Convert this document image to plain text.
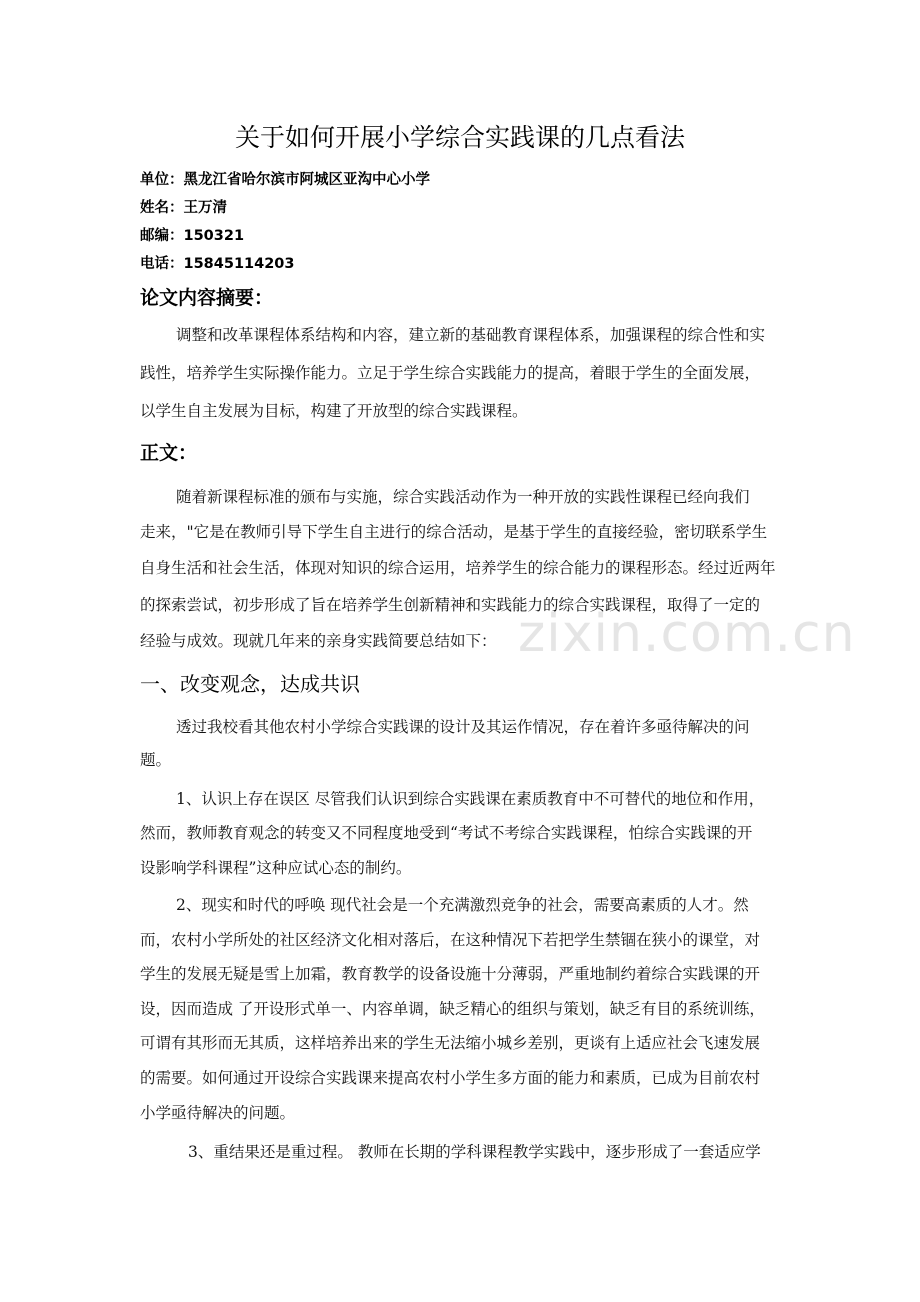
关于如何开展小学综合实践课的几点看法
单位：黑龙江省哈尔滨市阿城区亚沟中心小学
姓名：王万清
邮编：150321
电话：15845114203
论文内容摘要：
调整和改革课程体系结构和内容，建立新的基础教育课程体系，加强课程的综合性和实
践性，培养学生实际操作能力。立足于学生综合实践能力的提高，着眼于学生的全面发展，
以学生自主发展为目标，构建了开放型的综合实践课程。
正文：
随着新课程标准的颁布与实施，综合实践活动作为一种开放的实践性课程已经向我们
走来，"它是在教师引导下学生自主进行的综合活动，是基于学生的直接经验，密切联系学生
自身生活和社会生活，体现对知识的综合运用，培养学生的综合能力的课程形态。经过近两年
的探索尝试，初步形成了旨在培养学生创新精神和实践能力的综合实践课程，取得了一定的
经验与成效。现就几年来的亲身实践简要总结如下： zixin.com.cn
一、改变观念，达成共识
透过我校看其他农村小学综合实践课的设计及其运作情况，存在着许多亟待解决的问
题。
1、认识上存在误区 尽管我们认识到综合实践课在素质教育中不可替代的地位和作用，
然而，教师教育观念的转变又不同程度地受到“考试不考综合实践课程，怕综合实践课的开
设影响学科课程”这种应试心态的制约。
2、现实和时代的呼唤 现代社会是一个充满激烈竞争的社会，需要高素质的人才。然
而，农村小学所处的社区经济文化相对落后，在这种情况下若把学生禁锢在狭小的课堂，对
学生的发展无疑是雪上加霜，教育教学的设备设施十分薄弱，严重地制约着综合实践课的开
设，因而造成 了开设形式单一、内容单调，缺乏精心的组织与策划，缺乏有目的系统训练，
可谓有其形而无其质，这样培养出来的学生无法缩小城乡差别，更谈有上适应社会飞速发展
的需要。如何通过开设综合实践课来提高农村小学生多方面的能力和素质，已成为目前农村
小学亟待解决的问题。
3、重结果还是重过程。 教师在长期的学科课程教学实践中，逐步形成了一套适应学
